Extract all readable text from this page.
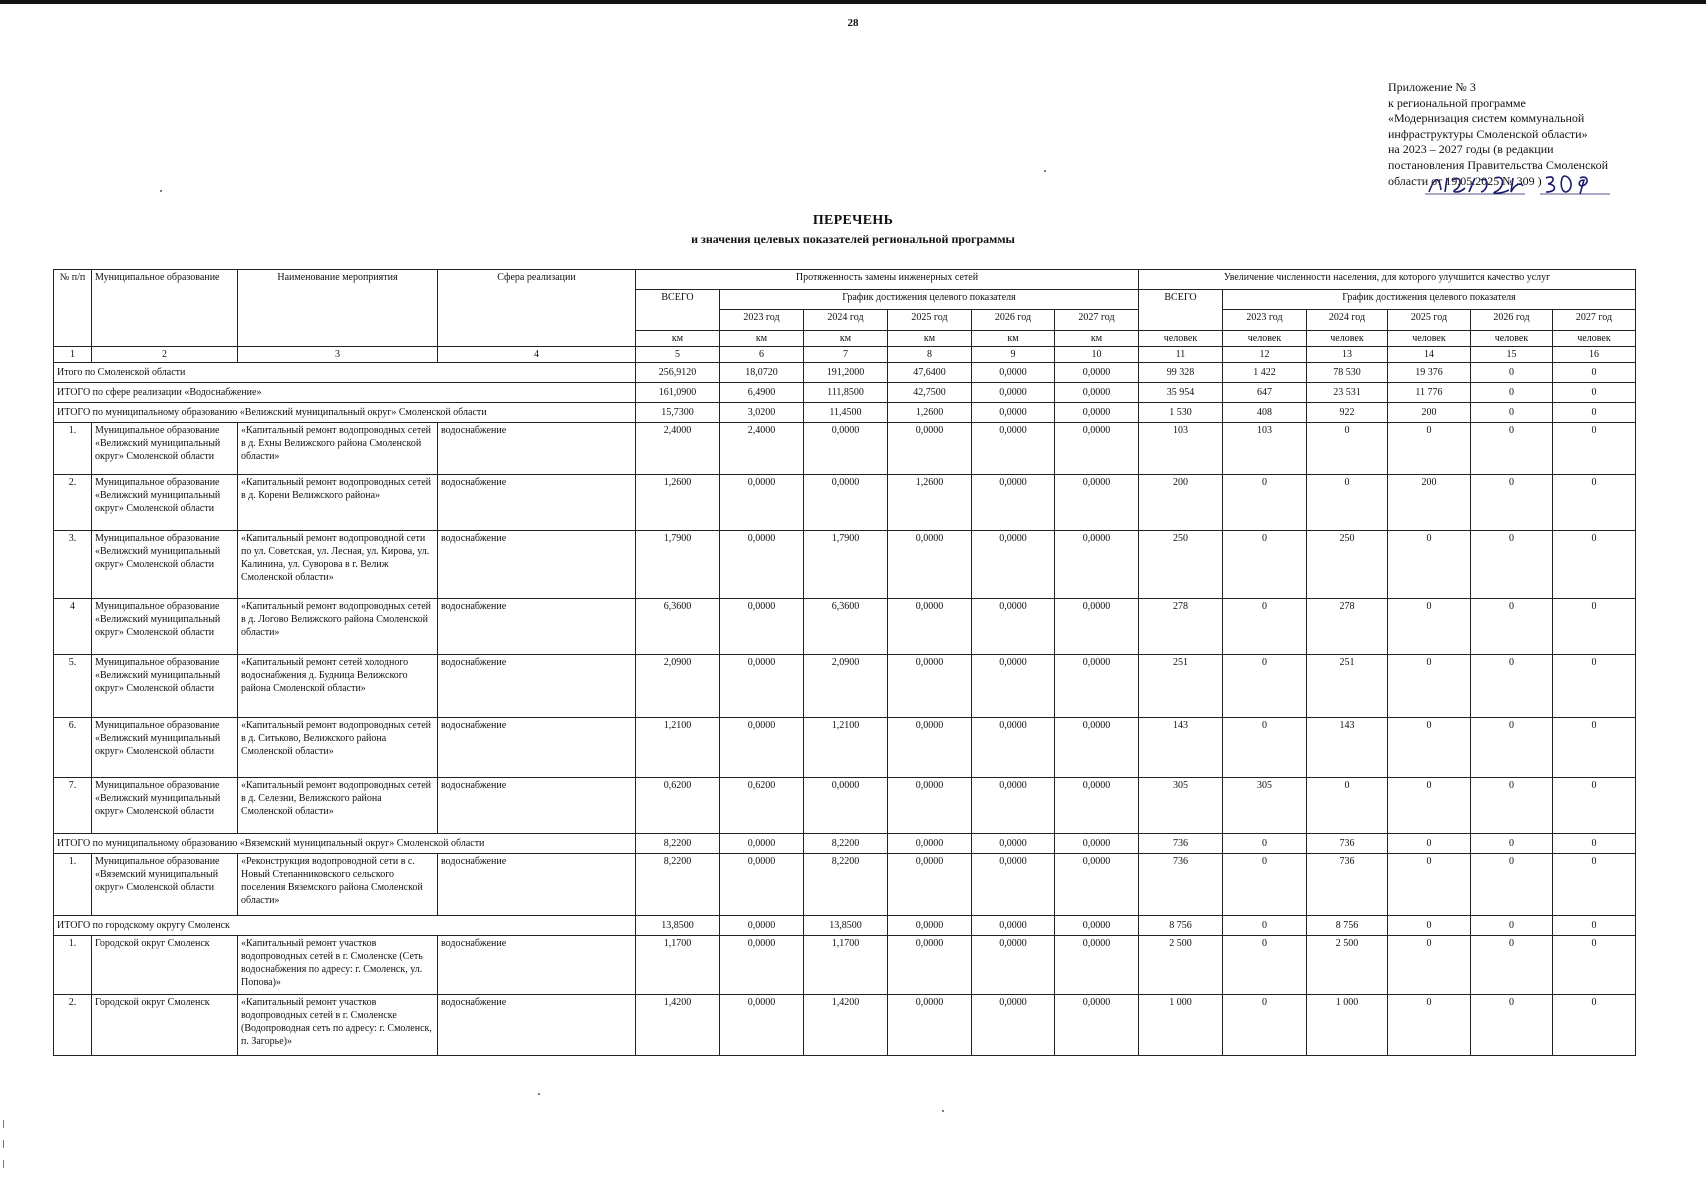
28
Приложение № 3
к региональной программе
«Модернизация систем коммунальной
инфраструктуры Смоленской области»
на 2023 – 2027 годы (в редакции
постановления Правительства Смоленской
области от 19.05.2025 № 309 )
ПЕРЕЧЕНЬ
и значения целевых показателей региональной программы
№ п/п	Муниципальное образование	Наименование мероприятия	Сфера реализации	Протяженность замены инженерных сетей						Увеличение численности населения, для которого улучшится качество услуг					
				ВСЕГО	График достижения целевого показателя					ВСЕГО	График достижения целевого показателя				
					2023 год	2024 год	2025 год	2026 год	2027 год		2023 год	2024 год	2025 год	2026 год	2027 год
				км	км	км	км	км	км	человек	человек	человек	человек	человек	человек
1	2	3	4	5	6	7	8	9	10	11	12	13	14	15	16
Итого по Смоленской области				256,9120	18,0720	191,2000	47,6400	0,0000	0,0000	99 328	1 422	78 530	19 376	0	0
ИТОГО по сфере реализации «Водоснабжение»				161,0900	6,4900	111,8500	42,7500	0,0000	0,0000	35 954	647	23 531	11 776	0	0
ИТОГО по муниципальному образованию «Велижский муниципальный округ» Смоленской области				15,7300	3,0200	11,4500	1,2600	0,0000	0,0000	1 530	408	922	200	0	0
1.	Муниципальное образование «Велижский муниципальный округ» Смоленской области	«Капитальный ремонт водопроводных сетей в д. Ехны Велижского района Смоленской области»	водоснабжение	2,4000	2,4000	0,0000	0,0000	0,0000	0,0000	103	103	0	0	0	0
2.	Муниципальное образование «Велижский муниципальный округ» Смоленской области	«Капитальный ремонт водопроводных сетей в д. Корени Велижского района»	водоснабжение	1,2600	0,0000	0,0000	1,2600	0,0000	0,0000	200	0	0	200	0	0
3.	Муниципальное образование «Велижский муниципальный округ» Смоленской области	«Капитальный ремонт водопроводной сети по ул. Советская, ул. Лесная, ул. Кирова, ул. Калинина, ул. Суворова в г. Велиж Смоленской области»	водоснабжение	1,7900	0,0000	1,7900	0,0000	0,0000	0,0000	250	0	250	0	0	0
4	Муниципальное образование «Велижский муниципальный округ» Смоленской области	«Капитальный ремонт водопроводных сетей в д. Логово Велижского района Смоленской области»	водоснабжение	6,3600	0,0000	6,3600	0,0000	0,0000	0,0000	278	0	278	0	0	0
5.	Муниципальное образование «Велижский муниципальный округ» Смоленской области	«Капитальный ремонт сетей холодного водоснабжения д. Будница Велижского района Смоленской области»	водоснабжение	2,0900	0,0000	2,0900	0,0000	0,0000	0,0000	251	0	251	0	0	0
6.	Муниципальное образование «Велижский муниципальный округ» Смоленской области	«Капитальный ремонт водопроводных сетей в д. Ситьково, Велижского района Смоленской области»	водоснабжение	1,2100	0,0000	1,2100	0,0000	0,0000	0,0000	143	0	143	0	0	0
7.	Муниципальное образование «Велижский муниципальный округ» Смоленской области	«Капитальный ремонт водопроводных сетей в д. Селезни, Велижского района Смоленской области»	водоснабжение	0,6200	0,6200	0,0000	0,0000	0,0000	0,0000	305	305	0	0	0	0
ИТОГО по муниципальному образованию «Вяземский муниципальный округ» Смоленской области				8,2200	0,0000	8,2200	0,0000	0,0000	0,0000	736	0	736	0	0	0
1.	Муниципальное образование «Вяземский муниципальный округ» Смоленской области	«Реконструкция водопроводной сети в с. Новый Степанниковского сельского поселения Вяземского района Смоленской области»	водоснабжение	8,2200	0,0000	8,2200	0,0000	0,0000	0,0000	736	0	736	0	0	0
ИТОГО по городскому округу Смоленск				13,8500	0,0000	13,8500	0,0000	0,0000	0,0000	8 756	0	8 756	0	0	0
1.	Городской округ Смоленск	«Капитальный ремонт участков водопроводных сетей в г. Смоленске (Сеть водоснабжения по адресу: г. Смоленск, ул. Попова)»	водоснабжение	1,1700	0,0000	1,1700	0,0000	0,0000	0,0000	2 500	0	2 500	0	0	0
2.	Городской округ Смоленск	«Капитальный ремонт участков водопроводных сетей в г. Смоленске (Водопроводная сеть по адресу: г. Смоленск, п. Загорье)»	водоснабжение	1,4200	0,0000	1,4200	0,0000	0,0000	0,0000	1 000	0	1 000	0	0	0
